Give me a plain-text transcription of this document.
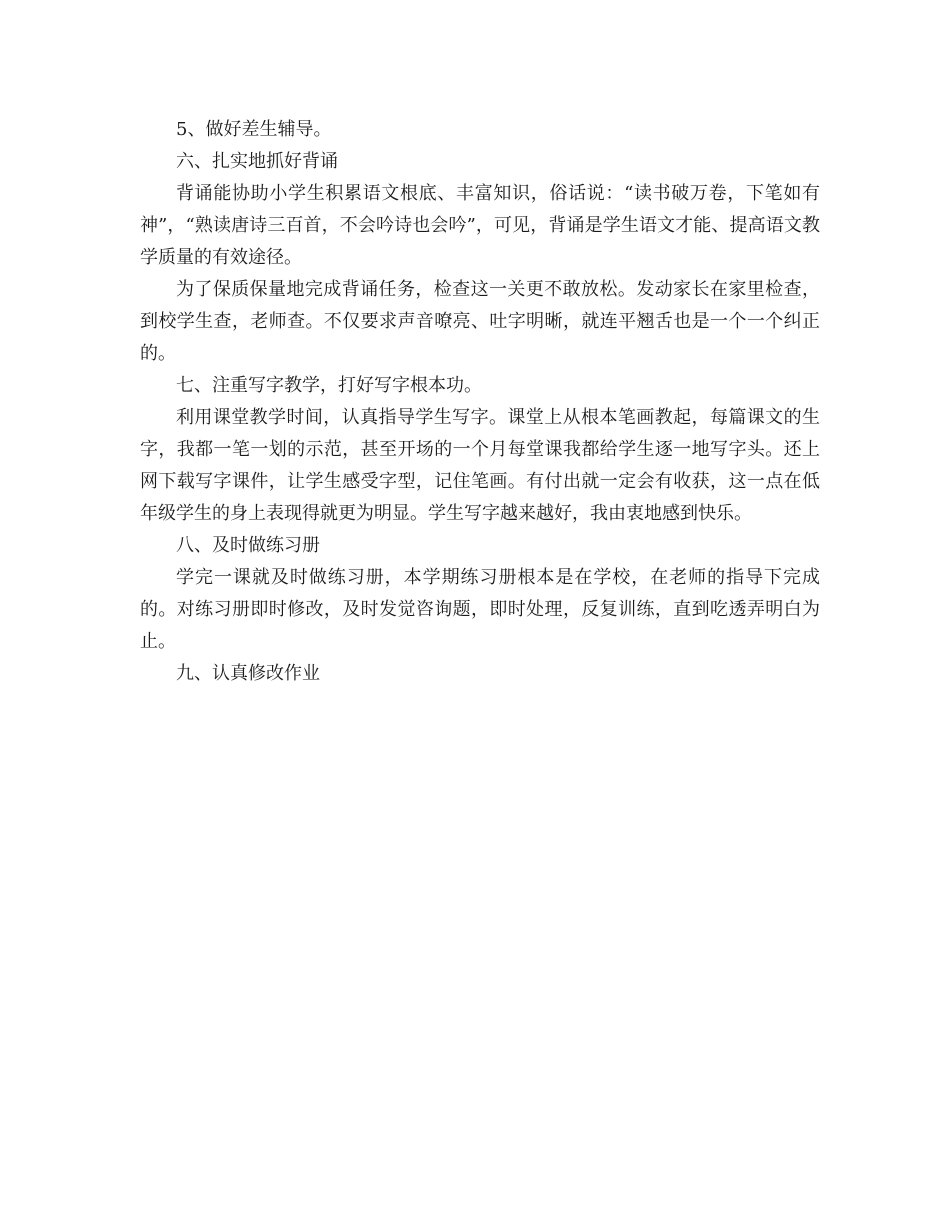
5、做好差生辅导。

六、扎实地抓好背诵

背诵能协助小学生积累语文根底、丰富知识，俗话说：“读书破万卷，下笔如有神”，“熟读唐诗三百首，不会吟诗也会吟”，可见，背诵是学生语文才能、提高语文教学质量的有效途径。

为了保质保量地完成背诵任务，检查这一关更不敢放松。发动家长在家里检查，到校学生查，老师查。不仅要求声音嘹亮、吐字明晰，就连平翘舌也是一个一个纠正的。

七、注重写字教学，打好写字根本功。

利用课堂教学时间，认真指导学生写字。课堂上从根本笔画教起，每篇课文的生字，我都一笔一划的示范，甚至开场的一个月每堂课我都给学生逐一地写字头。还上网下载写字课件，让学生感受字型，记住笔画。有付出就一定会有收获，这一点在低年级学生的身上表现得就更为明显。学生写字越来越好，我由衷地感到快乐。

八、及时做练习册

学完一课就及时做练习册，本学期练习册根本是在学校，在老师的指导下完成的。对练习册即时修改，及时发觉咨询题，即时处理，反复训练，直到吃透弄明白为止。

九、认真修改作业
